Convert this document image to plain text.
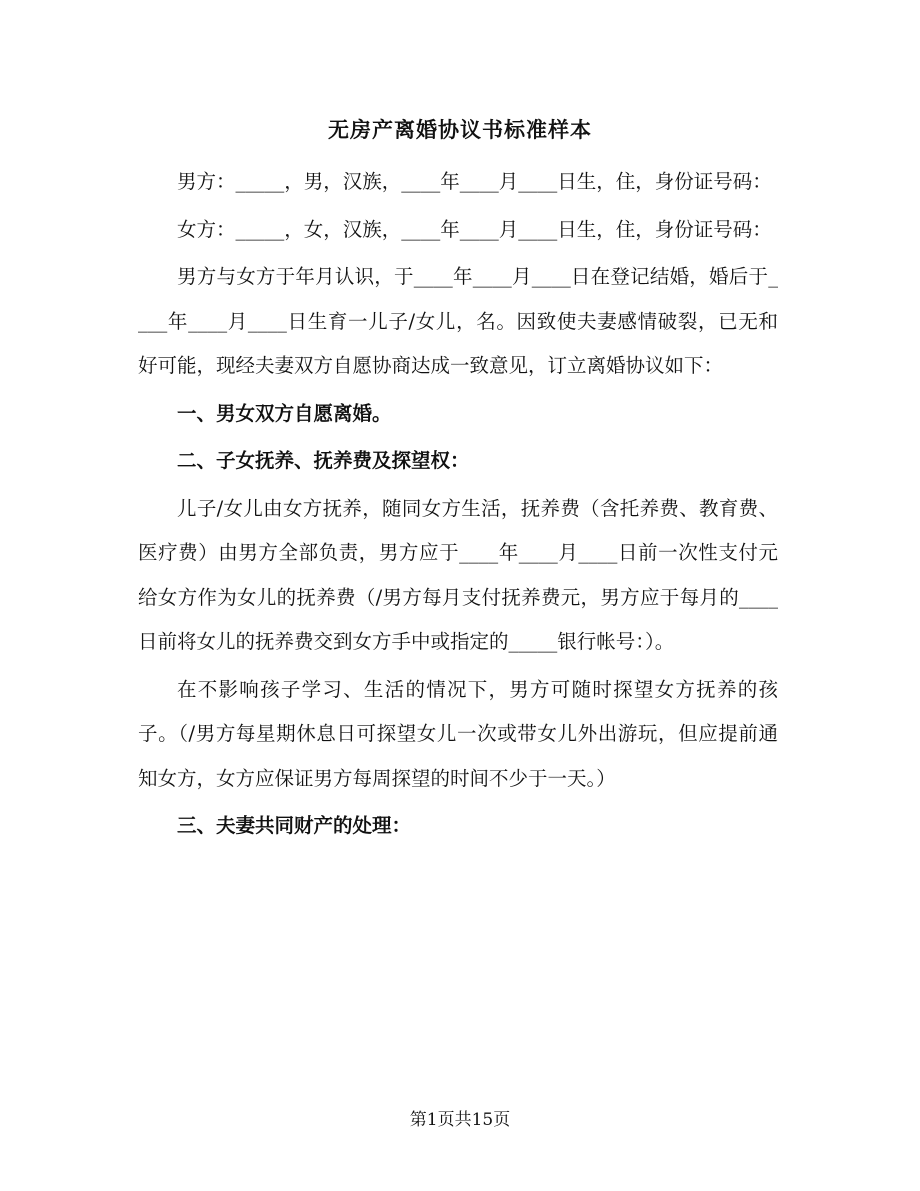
无房产离婚协议书标准样本

男方：_____，男，汉族，____年____月____日生，住，身份证号码：

女方：_____，女，汉族，____年____月____日生，住，身份证号码：

男方与女方于年月认识，于____年____月____日在登记结婚，婚后于____年____月____日生育一儿子/女儿，名。因致使夫妻感情破裂，已无和好可能，现经夫妻双方自愿协商达成一致意见，订立离婚协议如下：

一、男女双方自愿离婚。

二、子女抚养、抚养费及探望权：

儿子/女儿由女方抚养，随同女方生活，抚养费（含托养费、教育费、医疗费）由男方全部负责，男方应于____年____月____日前一次性支付元给女方作为女儿的抚养费（/男方每月支付抚养费元，男方应于每月的____日前将女儿的抚养费交到女方手中或指定的_____银行帐号：）。

在不影响孩子学习、生活的情况下，男方可随时探望女方抚养的孩子。（/男方每星期休息日可探望女儿一次或带女儿外出游玩，但应提前通知女方，女方应保证男方每周探望的时间不少于一天。）

三、夫妻共同财产的处理：

第1页共15页
